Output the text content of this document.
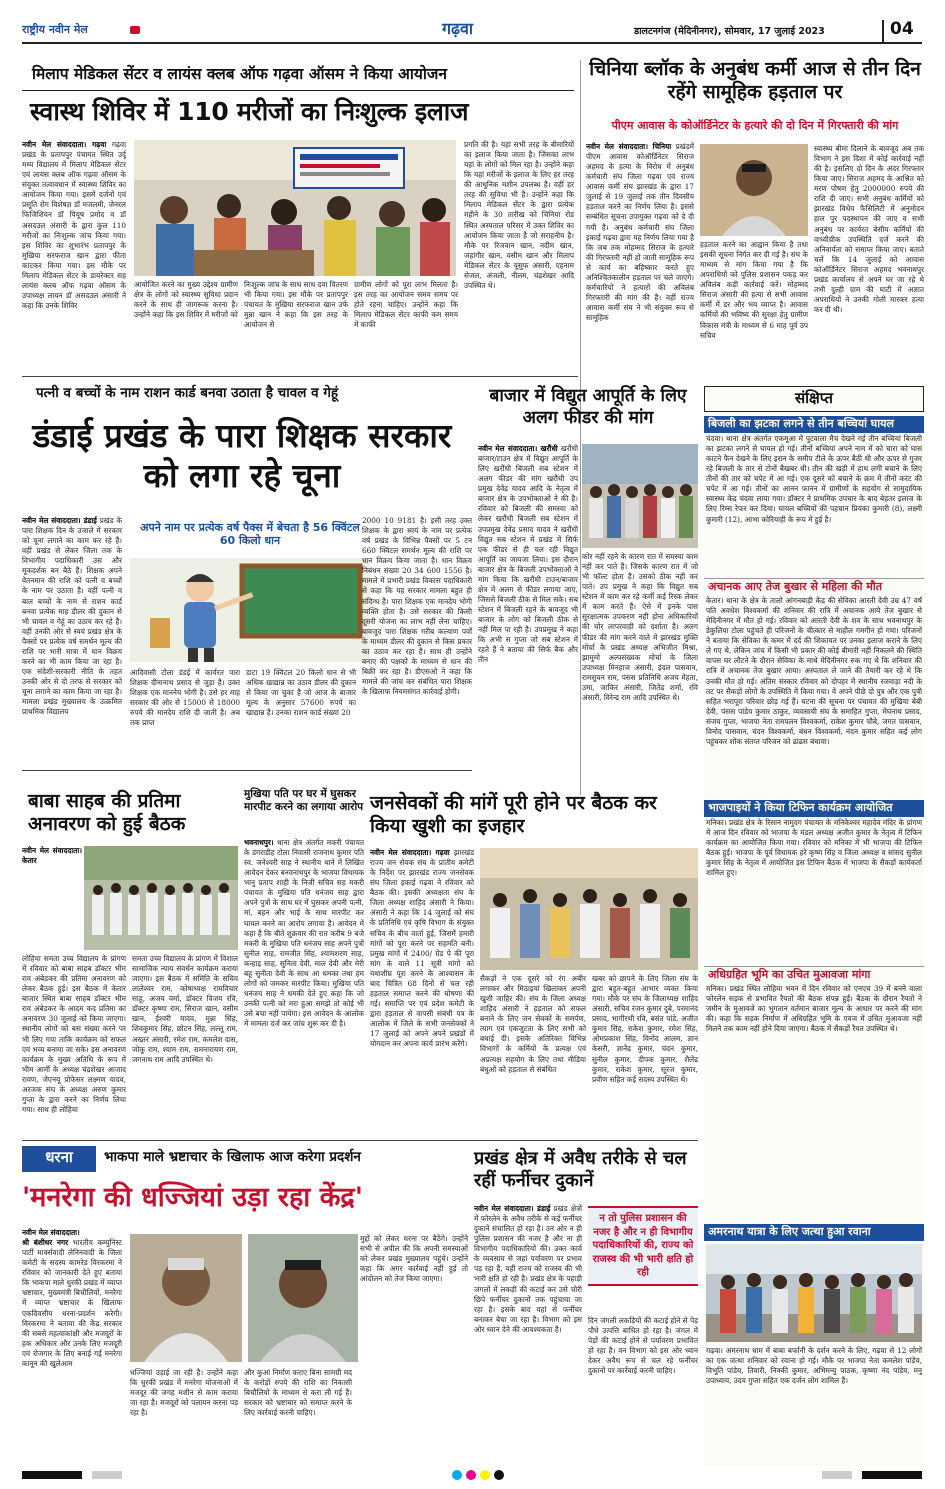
राष्ट्रीय नवीन मेल	गढ़वा	डालटनगंज (मेदिनीनगर), सोमवार, 17 जुलाई 2023	04
मिलाप मेडिकल सेंटर व लायंस क्लब ऑफ गढ़वा ऑसम ने किया आयोजन
स्वास्थ शिविर में 110 मरीजों का निःशुल्क इलाज
नवीन मेल संवाददाता। गढ़वा गढ़वा प्रखंड के प्रतापपुर पंचायत स्थित उर्दू मध्य विद्यालय में मिलाप मेडिकल सेंटर एवं लायंस क्लब ऑफ गढ़वा ऑसम के संयुक्त तत्वावधान में स्वास्थ्य शिविर का आयोजन किया गया। इसमें दर्जनों एवं प्रसूति रोग विशेषज्ञ डॉ मजलमी, जेनरल फिजिशियन डॉ पियूष प्रमोद व डॉ असदउल अंसारी के द्वारा कुल 110 मरीजों का निःशुल्क जांच किया गया। इस शिविर का शुभारंभ प्रतापपुर के मुखिया सरफराज खान द्वारा फीता काटकर किया गया। इस मौके पर मिलाप मेडिकल सेंटर के डायरेक्टर सह लायंस क्लब ऑफ गढ़वा ऑसम के उपाध्यक्ष लायन डॉ असदउल अंसारी ने कहा कि उनके शिविर
आयोजित करने का मुख्य उद्देश्य ग्रामीण क्षेत्र के लोगों को स्वास्थ्य सुविधा प्रदान करने के साथ ही जागरूक करना है। उन्होंने कहा कि इस शिविर में मरीजों को
निःशुल्क जांच के साथ साथ दवा वितरण भी किया गया। इस मौके पर प्रतापपुर पंचायत के मुखिया सरफराज खान उर्फ मुन्ना खान ने कहा कि इस तरह के आयोजन से
ग्रामीण लोगों को पूरा लाभ मिलता है। इस तरह का आयोजन समय समय पर होते रहना चाहिए। उन्होंने कहा कि मिलाप मेडिकल सेंटर काफी कम समय में काफी
प्रगति की है। यहां सभी तरह के बीमारियों का इलाज किया जाता है। जिसका लाभ यहां के लोगों को मिल रहा है। उन्होंने कहा कि यहां मरीजों के इलाज के लिए हर तरह की आधुनिक मशीन उपलब्ध है। वहीं हर तरह की सुविधा भी है। उन्होंने कहा कि मिलाप मेडिकल सेंटर के द्वारा प्रत्येक महीने के 30 तारीख को चिनिया रोड स्थित अस्पताल परिसर में उक्त शिविर का आयोजन किया जाता है जो सराहनीय है। मौके पर रिजवान खान, नदीम खान, जहांगीर खान, वसीम खान और मिलाप मेडिकल सेंटर के यूसुफ अंसारी, एहनाम सेजल, अंजली, नीलम, चंद्रशेखर आदि उपस्थित थे।
चिनिया ब्लॉक के अनुबंध कर्मी आज से तीन दिन रहेंगे सामूहिक हड़ताल पर
पीएम आवास के कोऑर्डिनेटर के हत्यारे की दो दिन में गिरफ्तारी की मांग
नवीन मेल संवाददाता। चिनिया प्रखंडमें पीएम आवास कोऑर्डिनेटर सिराज अहमद के हत्या के विरोध में अनुबंध कर्मचारी संघ जिला गढ़वा एवं राज्य आवास कर्मी संघ झारखंड के द्वारा 17 जुलाई से 19 जुलाई तक तीन दिवसीय हड़ताल करने का निर्णय लिया है। इससे सम्बंधित सूचना उपायुक्त गढ़वा को दे दी गयी है। अनुबंध कर्मचारी संघ जिला इकाई गढ़वा द्वारा यह निर्णय लिया गया है कि जब तक मोहम्मद सिराज के हत्यारे की गिरफ्तारी नहीं हो जाती सामूहिक रूप से कार्य का बहिष्कार करते हुए अनिश्चितकालीन हड़ताल पर चले जाएंगे। कर्मचारियों ने हत्यारों की अविलंब गिरफ्तारी की मांग की है। वहीं राज्य आवास कर्मी संघ ने भी संयुक्त रूप से सामूहिक
हड़ताल करने का आह्वान किया है तथा इसकी सूचना निर्गत कर दी गई है। संघ के माध्यम से मांग किया गया है कि अपराधियों को पुलिस प्रशासन पकड़ कर अविलंब कड़ी कार्रवाई करें। मोहम्मद सिराज अंसारी की हत्या से सभी आवास कर्मी में डर और भय व्याप्त है। आवास कर्मियों की भविष्य की सुरक्षा हेतु ग्रामीण विकास मंत्री के माध्यम से 6 माह पूर्व उप सचिव
स्वास्थ्य बीमा दिलाने के बावजूद अब तक विभाग ने इस दिशा में कोई कार्रवाई नहीं की है। इसलिए दो दिन के अंदर गिरफ्तार किया जाए। सिराज अहमद के आश्रित को मरण पोषण हेतु 2000000 रुपये की राशि दी जाए। सभी अनुबंध कर्मियों को झारखंड विधेय फैसिलिटी में अनुमोदन हाल पुर पदस्थापन की जाए व सभी अनुबंध पर कार्यरत बेसीय कर्मियों की वाध्यीय्रीक उपस्थिति दर्ज करने की अनिवार्यता को समाप्त किया जाए। बताते चलें कि 14 जुलाई को आवास कोऑर्डिनेटर सिराज अहमद भवनाथपुर प्रखंड कार्यालय से अपने घर जा रहे थे तभी दुल्ही ग्राम की घाटी में अज्ञात अपराधियों ने उनकी गोली मारकर हत्या कर दी थी।
पत्नी व बच्चों के नाम राशन कार्ड बनवा उठाता है चावल व गेहूं
डंडाई प्रखंड के पारा शिक्षक सरकार को लगा रहे चूना
नवीन मेल संवाददाता। डंडाई प्रखंड के पारा शिक्षक दिन के उजाले में सरकार को चूना लगाने का काम कर रहे हैं। वहीं प्रखंड से लेकर जिला तक के विभागीय पदाधिकारी उस और मूकदर्शक बन बैठे हैं। शिक्षक अपने वेतनमान की राशि को पत्नी व बच्चों के नाम पर उठाता है। वहीं पत्नी व बाल बच्चों के नाम से राशन कार्ड बनवा प्रत्येक माह डीलर की दुकान से भी चावल व गेहूं का उठाव कर रहे हैं। वहीं उनकी ओर से स्वयं प्रखंड क्षेत्र के पैक्सों पर प्रत्येक वर्ष समर्थन मूल्य की राशि पर भारी मात्रा में धान विक्रय करने का भी काम किया जा रहा है। एक संदेशी-सरकारी नीति के तहत उनकी ओर से दो तरफ से सरकार को चूना लगाने का काम किया जा रहा है। मामला प्रखंड मुख्यालय के उत्क्रमित प्राथमिक विद्यालय
अपने नाम पर प्रत्येक वर्ष पैक्स में बेचता है 56 क्विंटल 60 किलो धान
आदिवासी टोला डंडई में कार्यरत पारा शिक्षक दीनानाथ प्रसाद से जुड़ा है। उक्त शिक्षक एक माननेय भोगी है। उसे हर माह सरकार की ओर से 15000 से 18000 रुपये की मानदेय राशि दी जाती है। अब तक प्राप्त
डाटा 19 क्विंटल 20 किलो धान से भी अधिक खाद्यान्न का उठाव डीलर की दुकान से किया जा चुका है जो आज के बाजार मूल्य के अनुसार 57600 रुपये का खाद्यान्न है। उनका राशन कार्ड संख्या 20
2000 10 9181 है। इसी तरह उक्त शिक्षक के द्वारा स्वयं के नाम पर प्रत्येक वर्ष प्रखंड के विभिन्न पैक्सों पर 5 टन 660 क्विंटल समर्थन मूल्य की राशि पर धान विक्रय किया जाता है। धान विक्रय निबंधन संख्या 20 34 600 1556 है। मामले में प्रभारी प्रखंड विकास पदाधिकारी से कहा कि यह सरकार मामला बहुत ही संदिग्ध है। पारा शिक्षक एक मानदेय भोगी व्यक्ति होता है। उसे सरकार की किसी दूसरी योजना का लाभ नहीं लेना चाहिए। बावजूद पारा शिक्षक गरीब कल्याण पर्वों के माध्यम डीलर की दुकान से किस प्रकार का उठाव कर रहा है। साथ ही उन्होंने बनाए की पक्षकों के माध्यम से धान की बिक्री कर रहा है। डीएसओ ने कहा कि मामले की जांच कर संबंधित पारा शिक्षक के खिलाफ नियमसंगत कार्रवाई होगी।
बाजार में विद्युत आपूर्ति के लिए अलग फीडर की मांग
नवीन मेल संवाददाता। खरौंधी खरौंधी बाजार/टाउन क्षेत्र में विद्युत आपूर्ति के लिए खरौंधी बिजली सब स्टेशन में अलग फीडर की मांग खरौंधी उप प्रमुख देवेंद्र यादव आदि के नेतृत्व में बाजार क्षेत्र के उपभोक्ताओं ने की है। रविवार को बिजली की समस्या को लेकर खरौंधी बिजली सब स्टेशन में उपप्रमुख देवेंद्र प्रसाद यादव ने खरौंधी विद्युत सब स्टेशन में प्रखंड में सिर्फ एक फीडर से ही चल रही विद्युत आपूर्ति का जायजा लिया। इस दौरान बाजार क्षेत्र के बिजली उपभोक्ताओं ने मांग किया कि खरौंधी टाउन/बाजार क्षेत्र में अलग से फीडर लगाया जाए, जिससे बिजली ठीक से मिल सके। सब स्टेशन में बिजली रहने के बावजूद भी बाजार के लोग को बिजली ठीक से नहीं मिल पा रही है। उपप्रमुख ने कहा कि अभी स गुप्ता जो सब स्टेशन में रहते हैं ने बताया की सिर्फ बैक और तीन
कोर नहीं रहने के कारण रात में समस्या काम नहीं कर पाते हैं। जिसके कारण रात में जो भी फॉल्ट होता है। उसको ठीक नहीं कर पाते। उप प्रमुख ने कहा कि विद्युत सब स्टेशन में काम कर रहे कर्मी कई रिस्क लेकर में काम करते हैं। ऐसे में इनके पास सुरक्षात्मक उपकरण नहीं होना अधिकारियों की घोर लापरवाही को दर्शाता है। अलग फीडर की मांग करने वाले में झारखंड मुक्ति मोर्चा के प्रखंड अध्यक्ष अभिजीत मिश्रा, झामुमो अल्पसंख्यक मोर्चा के जिला उपाध्यक्ष मिनहाज अंसारी, इंदल पासवान, रामसुचन राम, पंसस प्रतिनिधि अजय मेहता, उमा, जाकिर अंसारी, जितेंद्र शर्मा, रवि अंसारी, विरेन्द्र राम आदि उपस्थित थे।
संक्षिप्त
बिजली का झटका लगने से तीन बच्चियां घायल
चंदवा। थाना क्षेत्र अंतर्गत एकमूआ में पुटवाला मैच देखने गई तीन बच्चियां बिजली का झटका लगने से घायल हो गई। तीनों बच्चियां अपने नाम में को चारा को घास काटने फैन देखने के लिए इरान के समीप टीले के ऊपर बैठी थी और ऊपर से गुजर रहे बिजली के तार से टोनों बैखबर थी। तीन की खड़ी में हाथ लगी बचाने के लिए तीनों की तार को चपेट में आ गई। एक दूसरे को बचाने के क्रम में तीनों करंट की चपेट में आ गई। तीनों का आनन फानन में ग्रामीणों के सहयोग से सामुदायिक स्वास्थ्य केंद्र चंदवा लाया गया। डॉक्टर ने प्राथमिक उपचार के बाद बेहतर इलाज के लिए रिम्स रेफर कर दिया। घायल बच्चियों की पहचान प्रियंका कुमारी (8), लक्ष्मी कुमारी (12), आभा कोरियाही के रूप में हुई है।
अचानक आए तेज बुखार से महिला की मौत
केतार। थाना के क्षेत्र के तालो आंगनबाड़ी केंद्र की सेविका आरती देवी उम्र 47 वर्ष पति अवधेश विश्वकर्मा की शनिवार की रात्रि में अचानक आये तेज बुखार से मेदिनीनगर में मौत हो गई। रविवार को आरती देवी के शव के साथ भवनाथपुर के डेकुलिया टोला पहुंचते ही परिजनों के चीत्कार से माहौल गमगीन हो गया। परिजनों ने बताया कि सेविका के कमर में दर्द की शिकायत पर उनका इलाज कराने के लिए ले गए थे, लेकिन जांच में किसी भी प्रकार की कोई बीमारी नहीं निकलने की स्थिति वापस घर लौटने के दौरान सेविका के माथे मेदिनीनगर रुक गए थे कि शनिवार की रात्रि में अचानक तेज बुखार आया। अस्पताल ले जाने की तैयारी कर रहे थे कि उनकी मौत हो गई। अंतिम संस्कार रविवार को दोपहर में स्थानीय रजवाड़ा नदी के तट पर सैकड़ों लोगों के उपस्थिति में किया गया। वे अपने पीछे दो पुत्र और एक पुत्री सहित भरापूरा परिवार छोड़ गई हैं। घटना की सूचना पर पंचायत की मुखिया बेबी देवी, पंसस पांडेय कुमार ठाकुर, व्यवसायी संघ के समाहित गुप्ता, मेघनाथ प्रसाद, संजय गुप्ता, भाजपा नेता रामपलन विश्वकर्मा, राकेश कुमार चौबे, जगत पासवान, विनोद पासवान, चंदन विश्वकर्मा, बंधन विश्वकर्मा, नंदन कुमार सहित कई लोग पहुंचकर शोक संतप्त परिजन को ढांढस बंधाया।
भाजपाइयों ने किया टिफिन कार्यक्रम आयोजित
मनिका। प्रखंड क्षेत्र के रिसान नामुदग पंचायत के मनिकेश्वर महादेव मंदिर के प्रांगण में आज दिन रविवार को भाजपा के मंडल अध्यक्ष अजीत कुमार के नेतृत्व में टिफिन कार्यक्रम का आयोजित किया गया। रविवार को मनिका में भी भाजपा की टिफिन बैठक हुई। भाजपा के पूर्व विधायक हरे कृष्ण सिंह व जिला अध्यक्ष व सांसद सुनील कुमार सिंह के नेतृत्व में आयोजित इस टिफिन बैठक में भाजपा के सैकड़ों कार्यकर्ता शामिल हुए।
अधिग्रहित भूमि का उचित मुआवजा मांगा
मनिका। प्रखंड स्थित लोहिया भवन में दिन रविवार को एनएच 39 में बनने वाला फोरलेन सड़क से प्रभावित रैयतों की बैठक संपन्न हुई। बैठक के दौरान रैयतों ने जमीन के मुआवजे का भुगतान वर्तमान बाजार मूल्य के आधार पर करने की मांग की। कहा कि सड़क निर्माण में अधिग्रहित भूमि के एवज में उचित मुआवजा नहीं मिलने तक काम नहीं होने दिया जाएगा। बैठक में सैकड़ों रैयत उपस्थित थे।
अमरनाथ यात्रा के लिए जत्था हुआ रवाना
गढ़वा। अमरनाथ धाम में बाबा बर्फानी के दर्शन करने के लिए, गढ़वा से 12 लोगों का एक जत्था शनिवार को रवाना हो गई। मौके पर भाजपा नेता कमलेश पांडेय, विभूति पांडेय, तिवारी, निक्की कुमार, अभिमन्यु पाठक, कृष्णा नंद पांडेय, मनु उपाध्याय, उदय गुप्ता सहित एक दर्जन लोग शामिल हैं।
बाबा साहब की प्रतिमा अनावरण को हुई बैठक
नवीन मेल संवाददाता। केतार
लोहिया समता उच्च विद्यालय के प्रांगण में रविवार को बाबा साहब डॉक्टर भीम राव अंबेडकर की प्रतिमा अनावरण को लेकर बैठक हुई। इस बैठक में केतार बाजार स्थित बाबा साहब डॉक्टर भीम राव अंबेडकर के आदम कद प्रतिमा का अनावरण 30 जुलाई को किया जाएगा। स्थानीय लोगों को बस संख्या करने पर भी लिए गया ताकि कार्यक्रम को सफल एवं भव्य बनाया जा सके। इस अनावरण कार्यक्रम के मुख्य अतिथि के रूप में भीम आर्मी के अध्यक्ष चंद्रशेखर आजाद रावण, जेएनयू प्रोफेसर लक्ष्मण यादव, अरजक संघ के अध्यक्ष अरुण कुमार गुप्ता के द्वारा करने का निर्णय लिया गया। साथ ही लोहिया
समता उच्च विद्यालय के प्रांगण में विशाल सामाजिक न्याय संवर्धन कार्यक्रम कराया जाएगा। इस बैठक में समिति के सचिव लालेश्वर राम, कोषाध्यक्ष रामविचार साहू, अजय वर्मा, डॉक्टर विजय रवि, डॉक्टर कृष्णा राम, सिराज खान, वसीम खान, ईश्वरी यादव, मुन्ना सिंह, शिवकुमार सिंह, छोटन सिंह, लल्लू राम, अख्तर अंसारी, रमेश राम, कमलेश दास, जोकू राम, श्याम राम, रामनारायण राम, जगनाथ राम आदि उपस्थित थे।
मुखिया पति पर घर में घुसकर मारपीट करने का लगाया आरोप
भवनाथपुर। थाना क्षेत्र अंतर्गत मकरी पंचायत के डंगराडीह टोला निवासी राजनाथ कुमार पति स्व. जनेश्वरी साह ने स्थानीय थाने में लिखित आवेदन देकर बनवनाथपुर के भाजपा विधायक भानु प्रताप शाही के निजी सचिव सह मकरी पंचायत के मुखिया पति धनंजय साह द्वारा अपने पुत्रों के साथ घर में घुसकर अपनी पत्नी, मां, बहन और भाई के साथ मारपीट कर घायल करने का आरोप लगाया है। आवेदन में कहा है कि बीते शुक्रवार की रात करीब 9 बजे मकरी के मुखिया पति धनंजय साह अपने पुत्रों सुनील साह, रामजीत सिंह, श्यामशरण साह, कन्हाइ साह, सुनिता देवी, माल देवी और मेरी बहू सुनीता देवी के साथ आ धमका तथा हम लोगों को जमकर मारपीट किया। मुखिया पति धनंजय साह ने धमकी देते हुए कहा कि जो उनकी पत्नी को मरा हुआ समझे तो कोई भी उसे बचा नहीं पायेगा। इस आवेदन के आलोक में मामला दर्ज कर जांच शुरू कर दी है।
जनसेवकों की मांगें पूरी होने पर बैठक कर किया खुशी का इजहार
नवीन मेल संवाददाता। गढ़वा झारखंड राज्य जन सेवक संघ के प्रांतीय कमेटी के निर्देश पर झारखंड राज्य जनसेवक संघ जिला इकाई गढ़वा ने रविवार को बैठक की। इसकी अध्यक्षता संघ के जिला अध्यक्ष शाहिद अंसारी ने किया। अंसारी ने कहा कि 14 जुलाई को संघ के प्रतिनिधि एवं कृषि विभाग के संयुक्त सचिव के बीच वार्ता हुई, जिसमें हमारी मांगों को पूरा करने पर सहमति बनी। प्रमुख मांगों में 2400/ ग्रेड पे की पूरा मांग के वाले 11 सूत्री मांगों को यथाशीघ्र पूरा करने के आश्वासन के बाद चित्रित 68 दिनों से चल रही हड़ताल समाप्त करने की घोषणा की गई। समाप्ति पर एवं प्रदेश कमेटी के द्वारा हड़ताल से वापसी संबंधी पत्र के आलोक में जिले के सभी जनसेवकों ने 17 जुलाई को अपने अपने प्रखंडों में योगदान कर अपना कार्य प्रारंभ करेंगे।
सैकड़ों ने एक दूसरे को रंग अबीर लगाकर और मिठाइयां खिलाकर अपनी खुशी जाहिर की। संघ के जिला अध्यक्ष शाहिद अंसारी ने हड़ताल को सफल बनाने के लिए जन सेवकों के समर्पण, त्याग एवं एकजुटता के लिए सभी को बधाई दी। इसके अतिरिक्त विभिन्न विभागों के कर्मियों के प्रत्यक्ष एवं अप्रत्यक्ष सहयोग के लिए तथा मीडिया बंधुओं को हड़ताल से संबंधित
खबर को छापने के लिए जिला संघ के द्वारा बहुत-बहुत आभार व्यक्त किया गया। मौके पर संघ के जिलाध्यक्ष शाहिद अंसारी, सचिव रंजन कुमार दुबे, परमानंद प्रसाद, भागीरथी रवि, बसंत पांडे, अजीत कुमार सिंह, राकेश कुमार, रमेश सिंह, ओमप्रकाश सिंह, विनोद आलम, ज्ञान केसरी, ज्ञानेंद्र कुमार, चंदन कुमार, सुनील कुमार, दीपक कुमार, शैलेंद्र कुमार, राकेश कुमार, सूरज कुमार, प्रवीण सहित कई सदस्य उपस्थित थे।
धरना	भाकपा माले भ्रष्टाचार के खिलाफ आज करेगा प्रदर्शन
'मनरेगा की धज्जियां उड़ा रहा केंद्र'
नवीन मेल संवाददाता।
श्री बंशीधर नगर भारतीय कम्युनिस्ट पार्टी मार्क्सवादी लेनिनवादी के जिला कमेटी के सदस्य कामरेड विरकरमा ने रविवार को जानकारी देते हुए बताया कि भाकपा माले धुरकी प्रखंड में व्याप्त भ्रष्टाचार, मुख्यमंत्री बिचौलियों, मनरेगा में व्याप्त भ्रष्टाचार के खिलाफ एकदिवसीय धरना-प्रदर्शन करेगी। विरकरमा ने बताया की केंद्र सरकार की सबसे महत्वाकांक्षी और मजदूरों के हक अधिकार और उनके लिए मजदूरी एवं रोजगार के लिए बनाई गई मनरेगा कानून की खुलेआम
धज्जियां उड़ाई जा रही है। उन्होंने कहा कि धुरकी प्रखंड में मनरेगा योजनाओं में मजदूर की जगह मशीन से काम कराया जा रहा है। मजदूरों को पलायन करना पड़ रहा है।
और कुआं निर्माण कराए बिना सामग्री मद के करोड़ों रुपये की राशि का निकासी बिचौलियों के माध्यम से करा ली गई है। सरकार को भ्रष्टाचार को समाप्त करने के लिए कार्रवाई करनी चाहिए।
मुद्दों को लेकर धरना पर बैठेंगे। उन्होंने सभी से अपील की कि अपनी समस्याओं को लेकर प्रखंड मुख्यालय पहुंचे। उन्होंने कहा कि अगर कार्रवाई नहीं हुई तो आंदोलन को तेज किया जाएगा।
प्रखंड क्षेत्र में अवैध तरीके से चल रहीं फर्नीचर दुकानें
नवीन मेल संवाददाता। डंडाई प्रखंड क्षेत्रों में फोरलेन के अवैध तरीके से कई फर्नीचर दुकानें संचालित हो रहा है। उन ओर न ही पुलिस प्रशासन की नजर है और ना ही विभागीय पदाधिकारियों की। उक्त कार्य के व्यवसाय से जहां पर्यावरण पर प्रभाव पड़ रहा है, वहीं राज्य को राजस्व की भी भारी क्षति हो रही है। प्रखंड क्षेत्र के पहाड़ी जंगलों में लकड़ी की कटाई कर उसे चोरी छिपे फर्नीचर दुकानों तक पहुंचाया जा रहा है। इसके बाद यहां से फर्नीचर बनाकर बेचा जा रहा है। विभाग को इस ओर ध्यान देने की आवश्यकता है।
न तो पुलिस प्रशासन की नजर है और न ही विभागीय पदाधिकारियों की, राज्य को राजस्व की भी भारी क्षति हो रही
दिन जंगली लकड़ियों की कटाई होने से पेड़ पौधे उत्पत्ति बाधित हो रहा है। जंगल में पेड़ों की कटाई होने से पर्यावरण प्रभावित हो रहा है। वन विभाग को इस ओर ध्यान देकर अवैध रूप से चल रहे फर्नीचर दुकानों पर कार्रवाई करनी चाहिए।
